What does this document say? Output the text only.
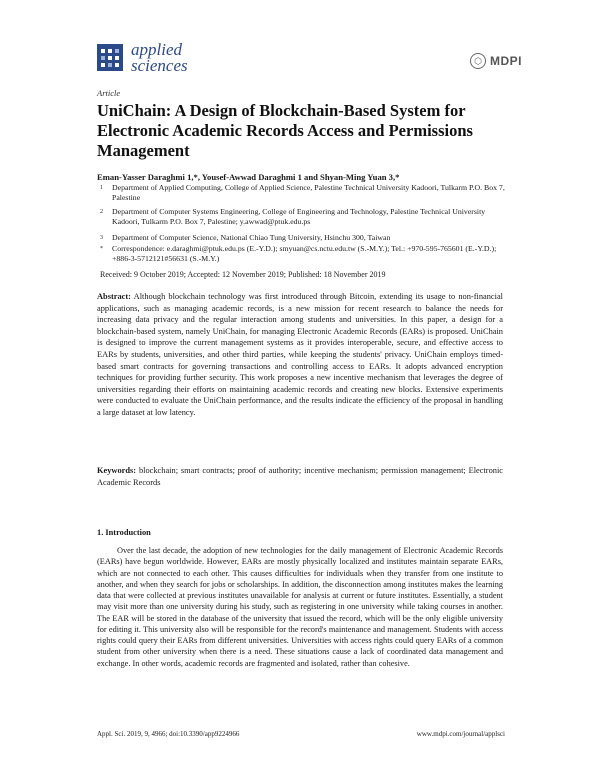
applied
sciences	⬡ MDPI
Article
UniChain: A Design of Blockchain-Based System for Electronic Academic Records Access and Permissions Management
Eman-Yasser Daraghmi 1,*, Yousef-Awwad Daraghmi 1 and Shyan-Ming Yuan 3,*
1 Department of Applied Computing, College of Applied Science, Palestine Technical University Kadoori, Tulkarm P.O. Box 7, Palestine
2 Department of Computer Systems Engineering, College of Engineering and Technology, Palestine Technical University Kadoori, Tulkarm P.O. Box 7, Palestine; y.awwad@ptuk.edu.ps
3 Department of Computer Science, National Chiao Tung University, Hsinchu 300, Taiwan
* Correspondence: e.daraghmi@ptuk.edu.ps (E.-Y.D.); smyuan@cs.nctu.edu.tw (S.-M.Y.); Tel.: +970-595-765601 (E.-Y.D.); +886-3-5712121#56631 (S.-M.Y.)
Received: 9 October 2019; Accepted: 12 November 2019; Published: 18 November 2019
Abstract: Although blockchain technology was first introduced through Bitcoin, extending its usage to non-financial applications, such as managing academic records, is a new mission for recent research to balance the needs for increasing data privacy and the regular interaction among students and universities. In this paper, a design for a blockchain-based system, namely UniChain, for managing Electronic Academic Records (EARs) is proposed. UniChain is designed to improve the current management systems as it provides interoperable, secure, and effective access to EARs by students, universities, and other third parties, while keeping the students' privacy. UniChain employs timed-based smart contracts for governing transactions and controlling access to EARs. It adopts advanced encryption techniques for providing further security. This work proposes a new incentive mechanism that leverages the degree of universities regarding their efforts on maintaining academic records and creating new blocks. Extensive experiments were conducted to evaluate the UniChain performance, and the results indicate the efficiency of the proposal in handling a large dataset at low latency.
Keywords: blockchain; smart contracts; proof of authority; incentive mechanism; permission management; Electronic Academic Records
1. Introduction
Over the last decade, the adoption of new technologies for the daily management of Electronic Academic Records (EARs) have begun worldwide. However, EARs are mostly physically localized and institutes maintain separate EARs, which are not connected to each other. This causes difficulties for individuals when they transfer from one institute to another, and when they search for jobs or scholarships. In addition, the disconnection among institutes makes the learning data that were collected at previous institutes unavailable for analysis at current or future institutes. Essentially, a student may visit more than one university during his study, such as registering in one university while taking courses in another. The EAR will be stored in the database of the university that issued the record, which will be the only eligible university for editing it. This university also will be responsible for the record's maintenance and management. Students with access rights could query their EARs from different universities. Universities with access rights could query EARs of a common student from other university when there is a need. These situations cause a lack of coordinated data management and exchange. In other words, academic records are fragmented and isolated, rather than cohesive.
Appl. Sci. 2019, 9, 4966; doi:10.3390/app9224966	www.mdpi.com/journal/applsci
